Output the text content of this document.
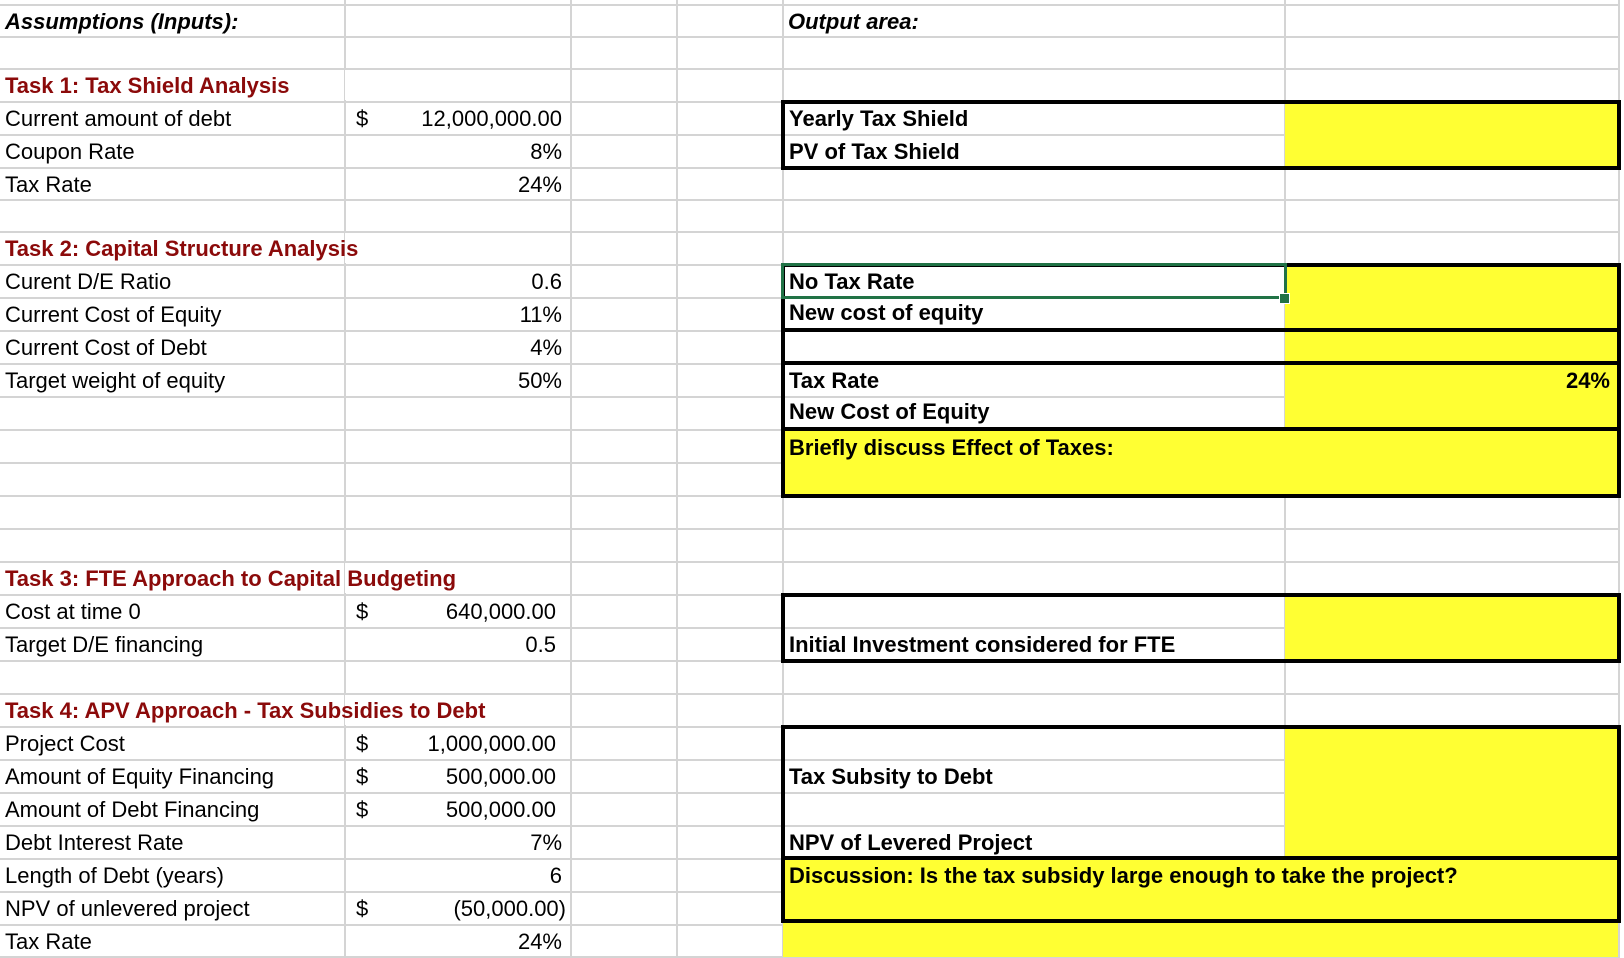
Assumptions (Inputs):
Task 1: Tax Shield Analysis
Current amount of debt	$	12,000,000.00
Coupon Rate	8%
Tax Rate	24%
Task 2: Capital Structure Analysis
Curent D/E Ratio	0.6
Current Cost of Equity	11%
Current Cost of Debt	4%
Target weight of equity	50%
Task 3: FTE Approach to Capital Budgeting
Cost at time 0	$	640,000.00
Target D/E financing	0.5
Task 4: APV Approach - Tax Subsidies to Debt
Project Cost	$	1,000,000.00
Amount of Equity Financing	$	500,000.00
Amount of Debt Financing	$	500,000.00
Debt Interest Rate	7%
Length of Debt (years)	6
NPV of unlevered project	$	(50,000.00)
Tax Rate	24%
Output area:
Yearly Tax Shield
PV of Tax Shield
No Tax Rate
New cost of equity
Tax Rate	24%
New Cost of Equity
Briefly discuss Effect of Taxes:
Initial Investment considered for FTE
Tax Subsity to Debt
NPV of Levered Project
Discussion: Is the tax subsidy large enough to take the project?
